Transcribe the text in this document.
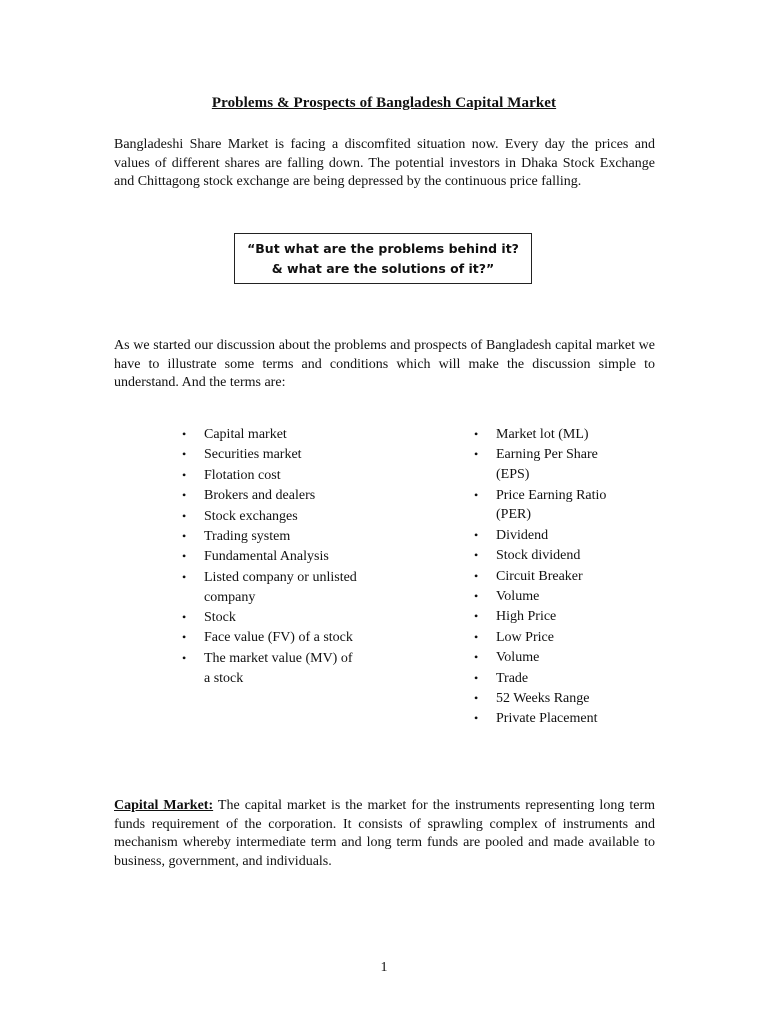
Problems & Prospects of Bangladesh Capital Market
Bangladeshi Share Market is facing a discomfited situation now. Every day the prices and values of different shares are falling down. The potential investors in Dhaka Stock Exchange and Chittagong stock exchange are being depressed by the continuous price falling.
“But what are the problems behind it?
& what are the solutions of it?”
As we started our discussion about the problems and prospects of Bangladesh capital market we have to illustrate some terms and conditions which will make the discussion simple to understand. And the terms are:
• Capital market
• Securities market
• Flotation cost
• Brokers and dealers
• Stock exchanges
• Trading system
• Fundamental Analysis
• Listed company or unlisted company
• Stock
• Face value (FV) of a stock
• The market value (MV) of a stock
• Market lot (ML)
• Earning Per Share (EPS)
• Price Earning Ratio (PER)
• Dividend
• Stock dividend
• Circuit Breaker
• Volume
• High Price
• Low Price
• Volume
• Trade
• 52 Weeks Range
• Private Placement
Capital Market: The capital market is the market for the instruments representing long term funds requirement of the corporation. It consists of sprawling complex of instruments and mechanism whereby intermediate term and long term funds are pooled and made available to business, government, and individuals.
1
